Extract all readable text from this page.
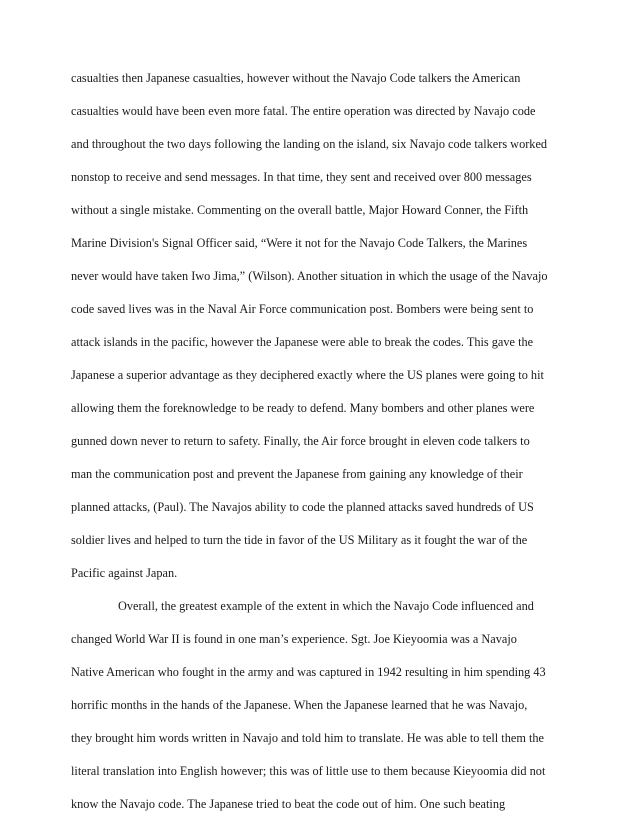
casualties then Japanese casualties, however without the Navajo Code talkers the American
casualties would have been even more fatal. The entire operation was directed by Navajo code
and throughout the two days following the landing on the island, six Navajo code talkers worked
nonstop to receive and send messages. In that time, they sent and received over 800 messages
without a single mistake. Commenting on the overall battle, Major Howard Conner, the Fifth
Marine Division's Signal Officer said, “Were it not for the Navajo Code Talkers, the Marines
never would have taken Iwo Jima,” (Wilson). Another situation in which the usage of the Navajo
code saved lives was in the Naval Air Force communication post. Bombers were being sent to
attack islands in the pacific, however the Japanese were able to break the codes. This gave the
Japanese a superior advantage as they deciphered exactly where the US planes were going to hit
allowing them the foreknowledge to be ready to defend. Many bombers and other planes were
gunned down never to return to safety. Finally, the Air force brought in eleven code talkers to
man the communication post and prevent the Japanese from gaining any knowledge of their
planned attacks, (Paul). The Navajos ability to code the planned attacks saved hundreds of US
soldier lives and helped to turn the tide in favor of the US Military as it fought the war of the
Pacific against Japan.
Overall, the greatest example of the extent in which the Navajo Code influenced and
changed World War II is found in one man’s experience. Sgt. Joe Kieyoomia was a Navajo
Native American who fought in the army and was captured in 1942 resulting in him spending 43
horrific months in the hands of the Japanese. When the Japanese learned that he was Navajo,
they brought him words written in Navajo and told him to translate. He was able to tell them the
literal translation into English however; this was of little use to them because Kieyoomia did not
know the Navajo code. The Japanese tried to beat the code out of him. One such beating
